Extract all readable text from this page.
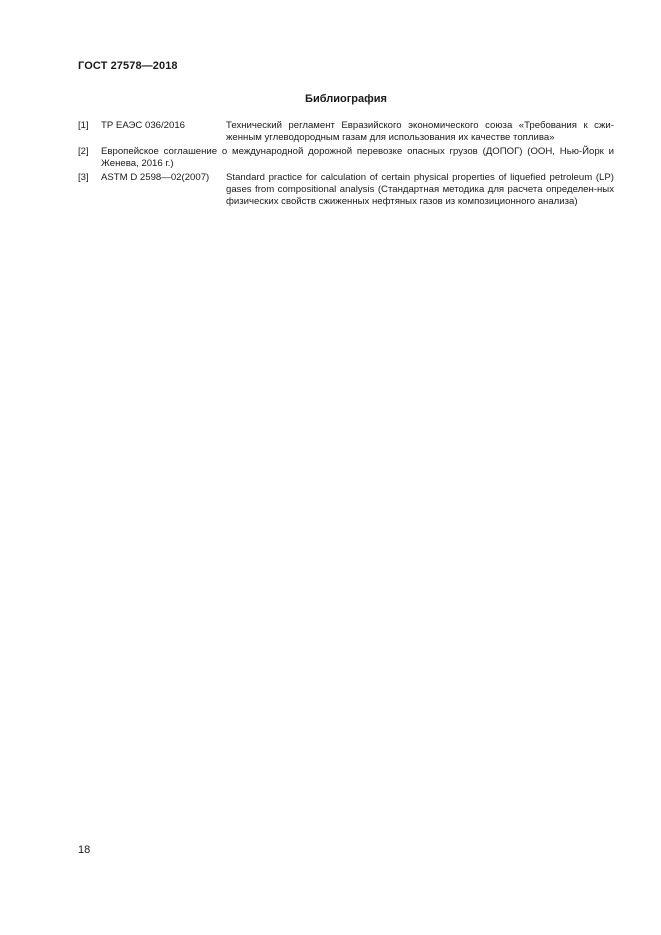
ГОСТ 27578—2018
Библиография
[1] ТР ЕАЭС 036/2016	Технический регламент Евразийского экономического союза «Требования к сжи-женным углеводородным газам для использования их качестве топлива»
[2] Европейское соглашение о международной дорожной перевозке опасных грузов (ДОПОГ) (ООН, Нью-Йорк и Женева, 2016 г.)
[3] ASTM D 2598—02(2007) Standard practice for calculation of certain physical properties of liquefied petroleum (LP) gases from compositional analysis (Стандартная методика для расчета определен-ных физических свойств сжиженных нефтяных газов из композиционного анализа)
18
